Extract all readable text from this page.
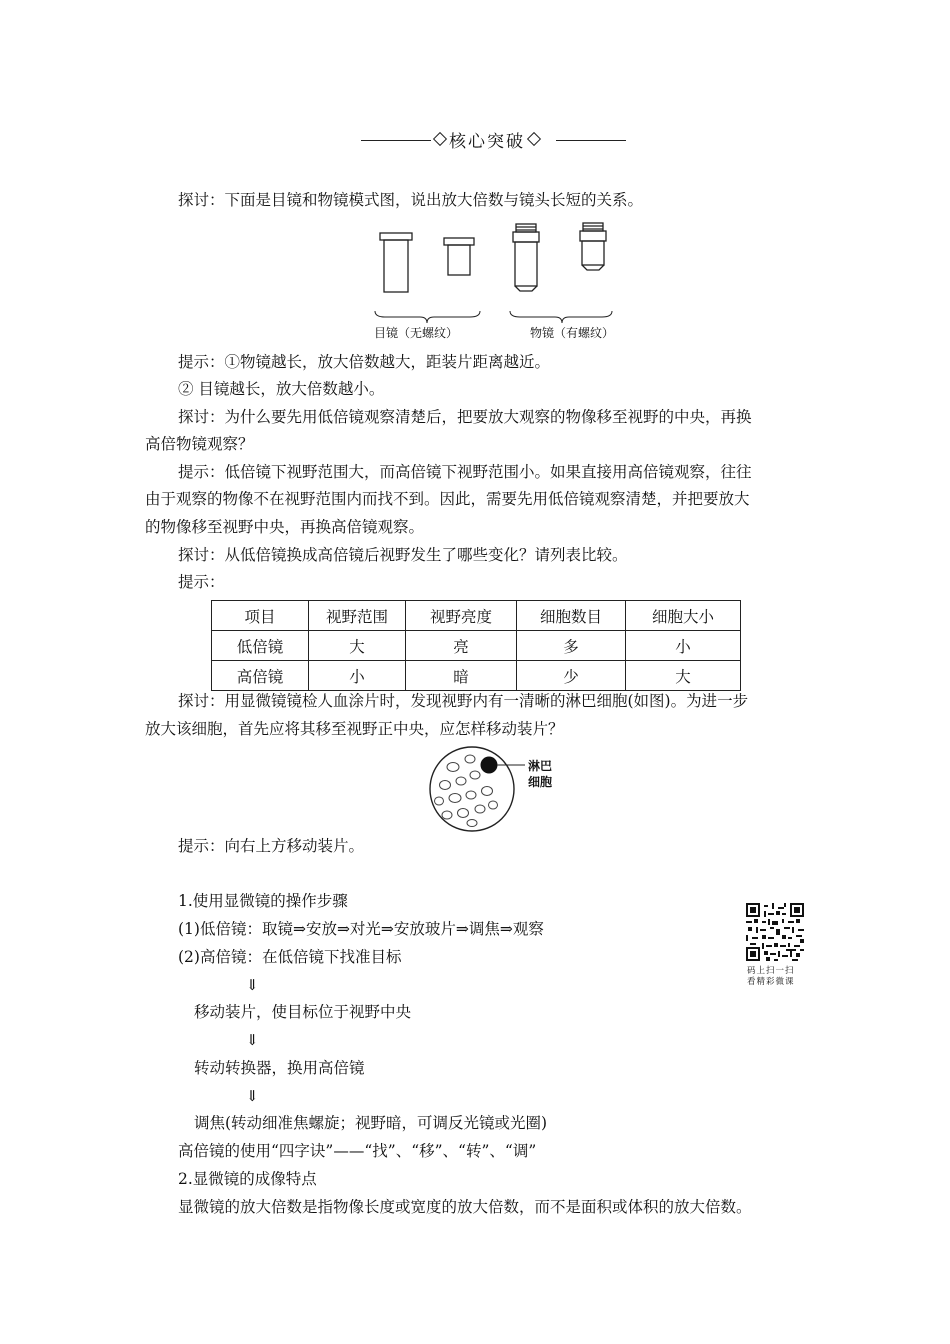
核心突破
探讨：下面是目镜和物镜模式图，说出放大倍数与镜头长短的关系。
目镜（无螺纹）	物镜（有螺纹）
提示：①物镜越长，放大倍数越大，距装片距离越近。
② 目镜越长，放大倍数越小。
探讨：为什么要先用低倍镜观察清楚后，把要放大观察的物像移至视野的中央，再换
高倍物镜观察？
提示：低倍镜下视野范围大，而高倍镜下视野范围小。如果直接用高倍镜观察，往往
由于观察的物像不在视野范围内而找不到。因此，需要先用低倍镜观察清楚，并把要放大
的物像移至视野中央，再换高倍镜观察。
探讨：从低倍镜换成高倍镜后视野发生了哪些变化？请列表比较。
提示：
项目	视野范围	视野亮度	细胞数目	细胞大小
低倍镜	大	亮	多	小
高倍镜	小	暗	少	大
探讨：用显微镜镜检人血涂片时，发现视野内有一清晰的淋巴细胞(如图)。为进一步
放大该细胞，首先应将其移至视野正中央，应怎样移动装片？
淋巴
细胞
提示：向右上方移动装片。
1.使用显微镜的操作步骤
(1)低倍镜：取镜⇒安放⇒对光⇒安放玻片⇒调焦⇒观察
(2)高倍镜：在低倍镜下找准目标
⇓
移动装片，使目标位于视野中央
⇓
转动转换器，换用高倍镜
⇓
调焦(转动细准焦螺旋；视野暗，可调反光镜或光圈)
高倍镜的使用“四字诀”——“找”、“移”、“转”、“调”
2.显微镜的成像特点
显微镜的放大倍数是指物像长度或宽度的放大倍数，而不是面积或体积的放大倍数。
码上扫一扫
看精彩微课
